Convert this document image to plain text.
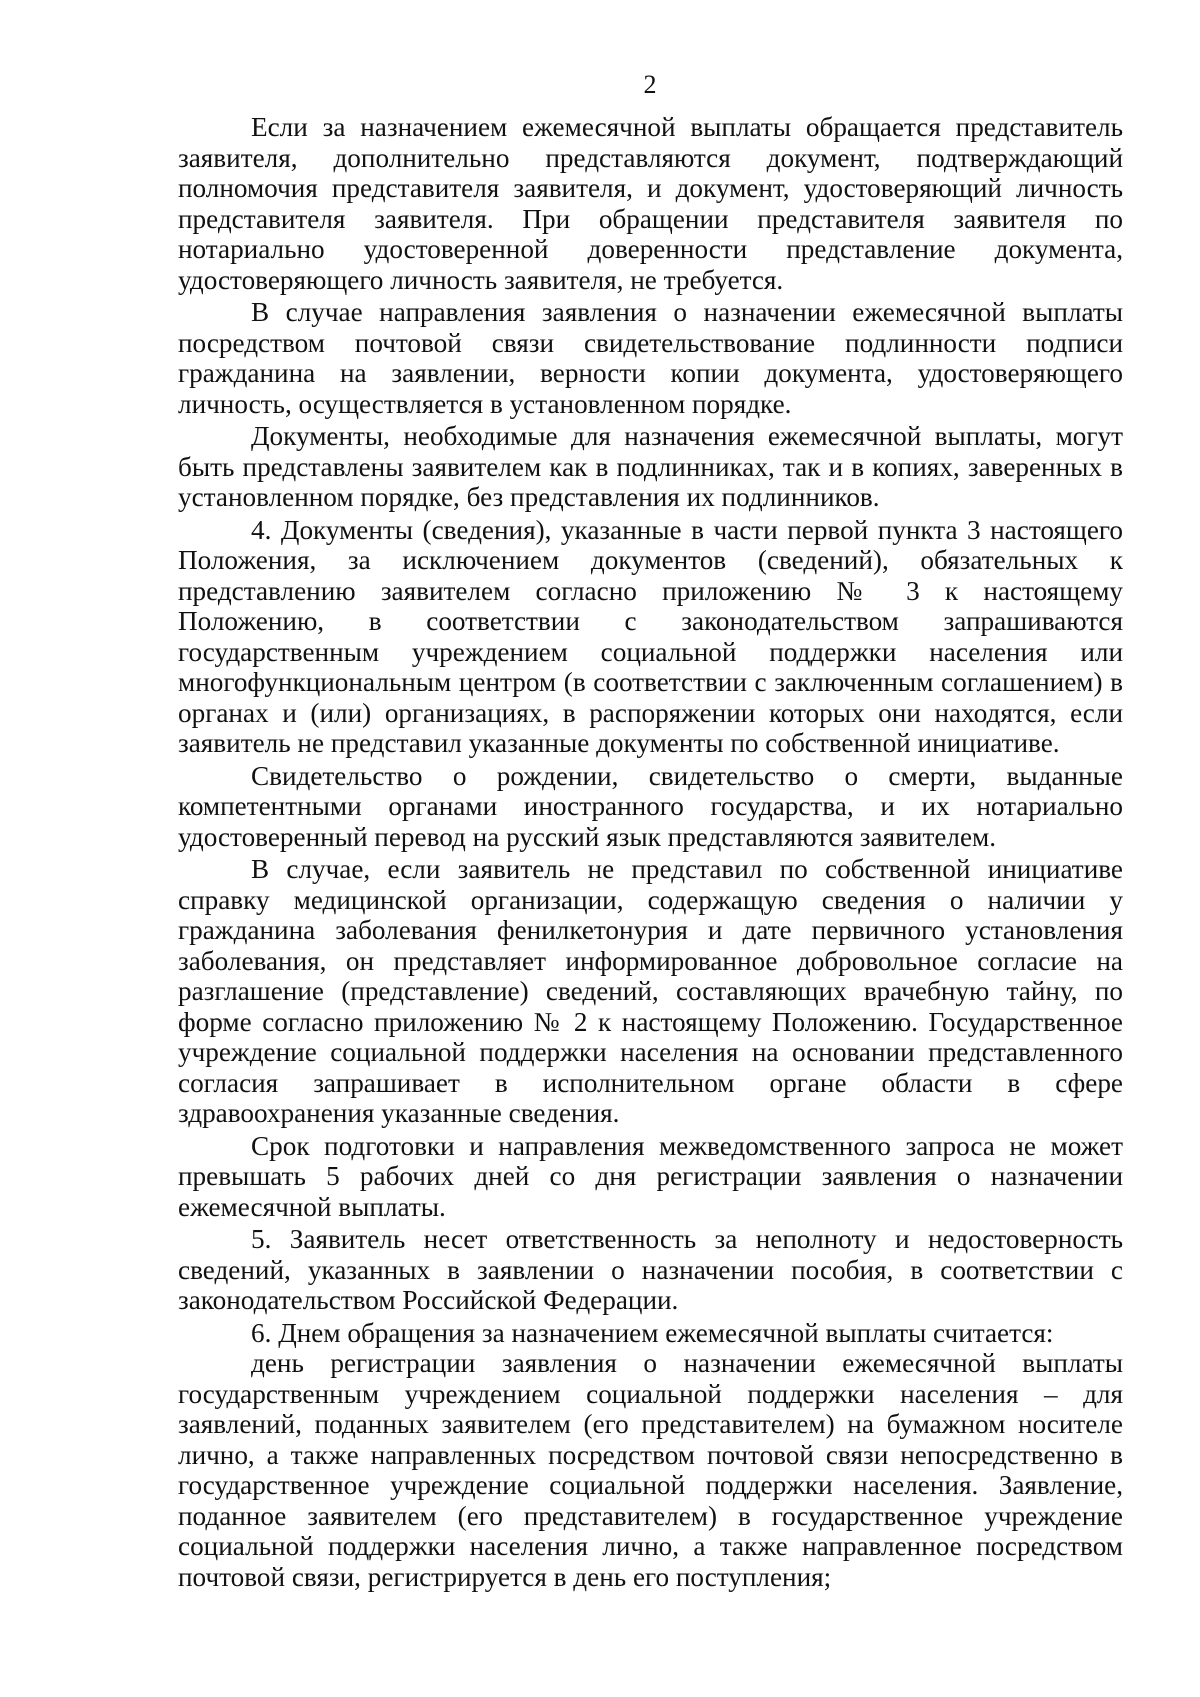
2

Если за назначением ежемесячной выплаты обращается представитель заявителя, дополнительно представляются документ, подтверждающий полномочия представителя заявителя, и документ, удостоверяющий личность представителя заявителя. При обращении представителя заявителя по нотариально удостоверенной доверенности представление документа, удостоверяющего личность заявителя, не требуется.

В случае направления заявления о назначении ежемесячной выплаты посредством почтовой связи свидетельствование подлинности подписи гражданина на заявлении, верности копии документа, удостоверяющего личность, осуществляется в установленном порядке.

Документы, необходимые для назначения ежемесячной выплаты, могут быть представлены заявителем как в подлинниках, так и в копиях, заверенных в установленном порядке, без представления их подлинников.

4. Документы (сведения), указанные в части первой пункта 3 настоящего Положения, за исключением документов (сведений), обязательных к представлению заявителем согласно приложению № 3 к настоящему Положению, в соответствии с законодательством запрашиваются государственным учреждением социальной поддержки населения или многофункциональным центром (в соответствии с заключенным соглашением) в органах и (или) организациях, в распоряжении которых они находятся, если заявитель не представил указанные документы по собственной инициативе.

Свидетельство о рождении, свидетельство о смерти, выданные компетентными органами иностранного государства, и их нотариально удостоверенный перевод на русский язык представляются заявителем.

В случае, если заявитель не представил по собственной инициативе справку медицинской организации, содержащую сведения о наличии у гражданина заболевания фенилкетонурия и дате первичного установления заболевания, он представляет информированное добровольное согласие на разглашение (представление) сведений, составляющих врачебную тайну, по форме согласно приложению № 2 к настоящему Положению. Государственное учреждение социальной поддержки населения на основании представленного согласия запрашивает в исполнительном органе области в сфере здравоохранения указанные сведения.

Срок подготовки и направления межведомственного запроса не может превышать 5 рабочих дней со дня регистрации заявления о назначении ежемесячной выплаты.

5. Заявитель несет ответственность за неполноту и недостоверность сведений, указанных в заявлении о назначении пособия, в соответствии с законодательством Российской Федерации.

6. Днем обращения за назначением ежемесячной выплаты считается:

день регистрации заявления о назначении ежемесячной выплаты государственным учреждением социальной поддержки населения – для заявлений, поданных заявителем (его представителем) на бумажном носителе лично, а также направленных посредством почтовой связи непосредственно в государственное учреждение социальной поддержки населения. Заявление, поданное заявителем (его представителем) в государственное учреждение социальной поддержки населения лично, а также направленное посредством почтовой связи, регистрируется в день его поступления;
